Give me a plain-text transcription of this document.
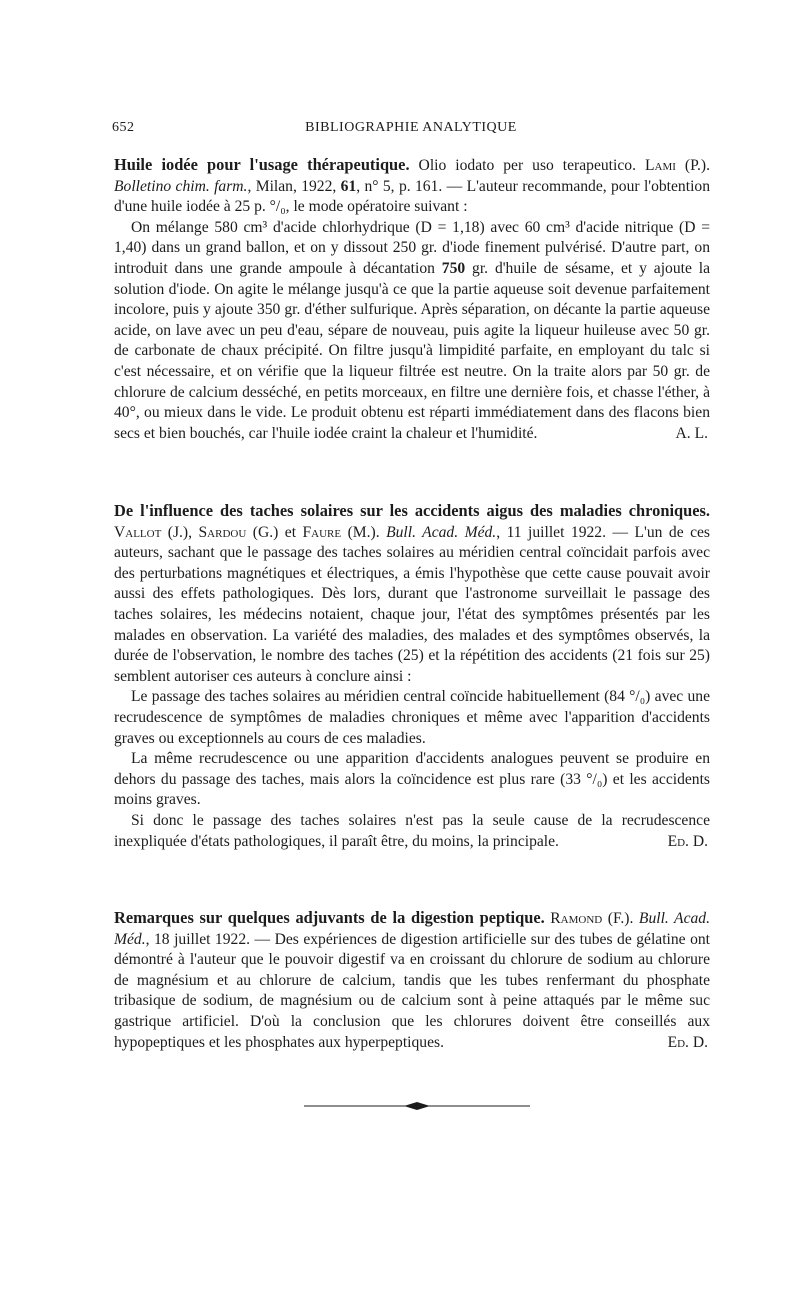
652	BIBLIOGRAPHIE ANALYTIQUE

Huile iodée pour l'usage thérapeutique. Olio iodato per uso terapeutico. Lami (P.). Bolletino chim. farm., Milan, 1922, 61, n° 5, p. 161. — L'auteur recommande, pour l'obtention d'une huile iodée à 25 p. °/₀, le mode opératoire suivant :

On mélange 580 cm³ d'acide chlorhydrique (D = 1,18) avec 60 cm³ d'acide nitrique (D = 1,40) dans un grand ballon, et on y dissout 250 gr. d'iode finement pulvérisé. D'autre part, on introduit dans une grande ampoule à décantation 750 gr. d'huile de sésame, et y ajoute la solution d'iode. On agite le mélange jusqu'à ce que la partie aqueuse soit devenue parfaitement incolore, puis y ajoute 350 gr. d'éther sulfurique. Après séparation, on décante la partie aqueuse acide, on lave avec un peu d'eau, sépare de nouveau, puis agite la liqueur huileuse avec 50 gr. de carbonate de chaux précipité. On filtre jusqu'à limpidité parfaite, en employant du talc si c'est nécessaire, et on vérifie que la liqueur filtrée est neutre. On la traite alors par 50 gr. de chlorure de calcium desséché, en petits morceaux, en filtre une dernière fois, et chasse l'éther, à 40°, ou mieux dans le vide. Le produit obtenu est réparti immédiatement dans des flacons bien secs et bien bouchés, car l'huile iodée craint la chaleur et l'humidité.	A. L.

De l'influence des taches solaires sur les accidents aigus des maladies chroniques. Vallot (J.), Sardou (G.) et Faure (M.). Bull. Acad. Méd., 11 juillet 1922. — L'un de ces auteurs, sachant que le passage des taches solaires au méridien central coïncidait parfois avec des perturbations magnétiques et électriques, a émis l'hypothèse que cette cause pouvait avoir aussi des effets pathologiques. Dès lors, durant que l'astronome surveillait le passage des taches solaires, les médecins notaient, chaque jour, l'état des symptômes présentés par les malades en observation. La variété des maladies, des malades et des symptômes observés, la durée de l'observation, le nombre des taches (25) et la répétition des accidents (21 fois sur 25) semblent autoriser ces auteurs à conclure ainsi :

Le passage des taches solaires au méridien central coïncide habituellement (84 °/₀) avec une recrudescence de symptômes de maladies chroniques et même avec l'apparition d'accidents graves ou exceptionnels au cours de ces maladies.

La même recrudescence ou une apparition d'accidents analogues peuvent se produire en dehors du passage des taches, mais alors la coïncidence est plus rare (33 °/₀) et les accidents moins graves.

Si donc le passage des taches solaires n'est pas la seule cause de la recrudescence inexpliquée d'états pathologiques, il paraît être, du moins, la principale.	Ed. D.

Remarques sur quelques adjuvants de la digestion peptique. Ramond (F.). Bull. Acad. Méd., 18 juillet 1922. — Des expériences de digestion artificielle sur des tubes de gélatine ont démontré à l'auteur que le pouvoir digestif va en croissant du chlorure de sodium au chlorure de magnésium et au chlorure de calcium, tandis que les tubes renfermant du phosphate tribasique de sodium, de magnésium ou de calcium sont à peine attaqués par le même suc gastrique artificiel. D'où la conclusion que les chlorures doivent être conseillés aux hypopeptiques et les phosphates aux hyperpeptiques.	Ed. D.
